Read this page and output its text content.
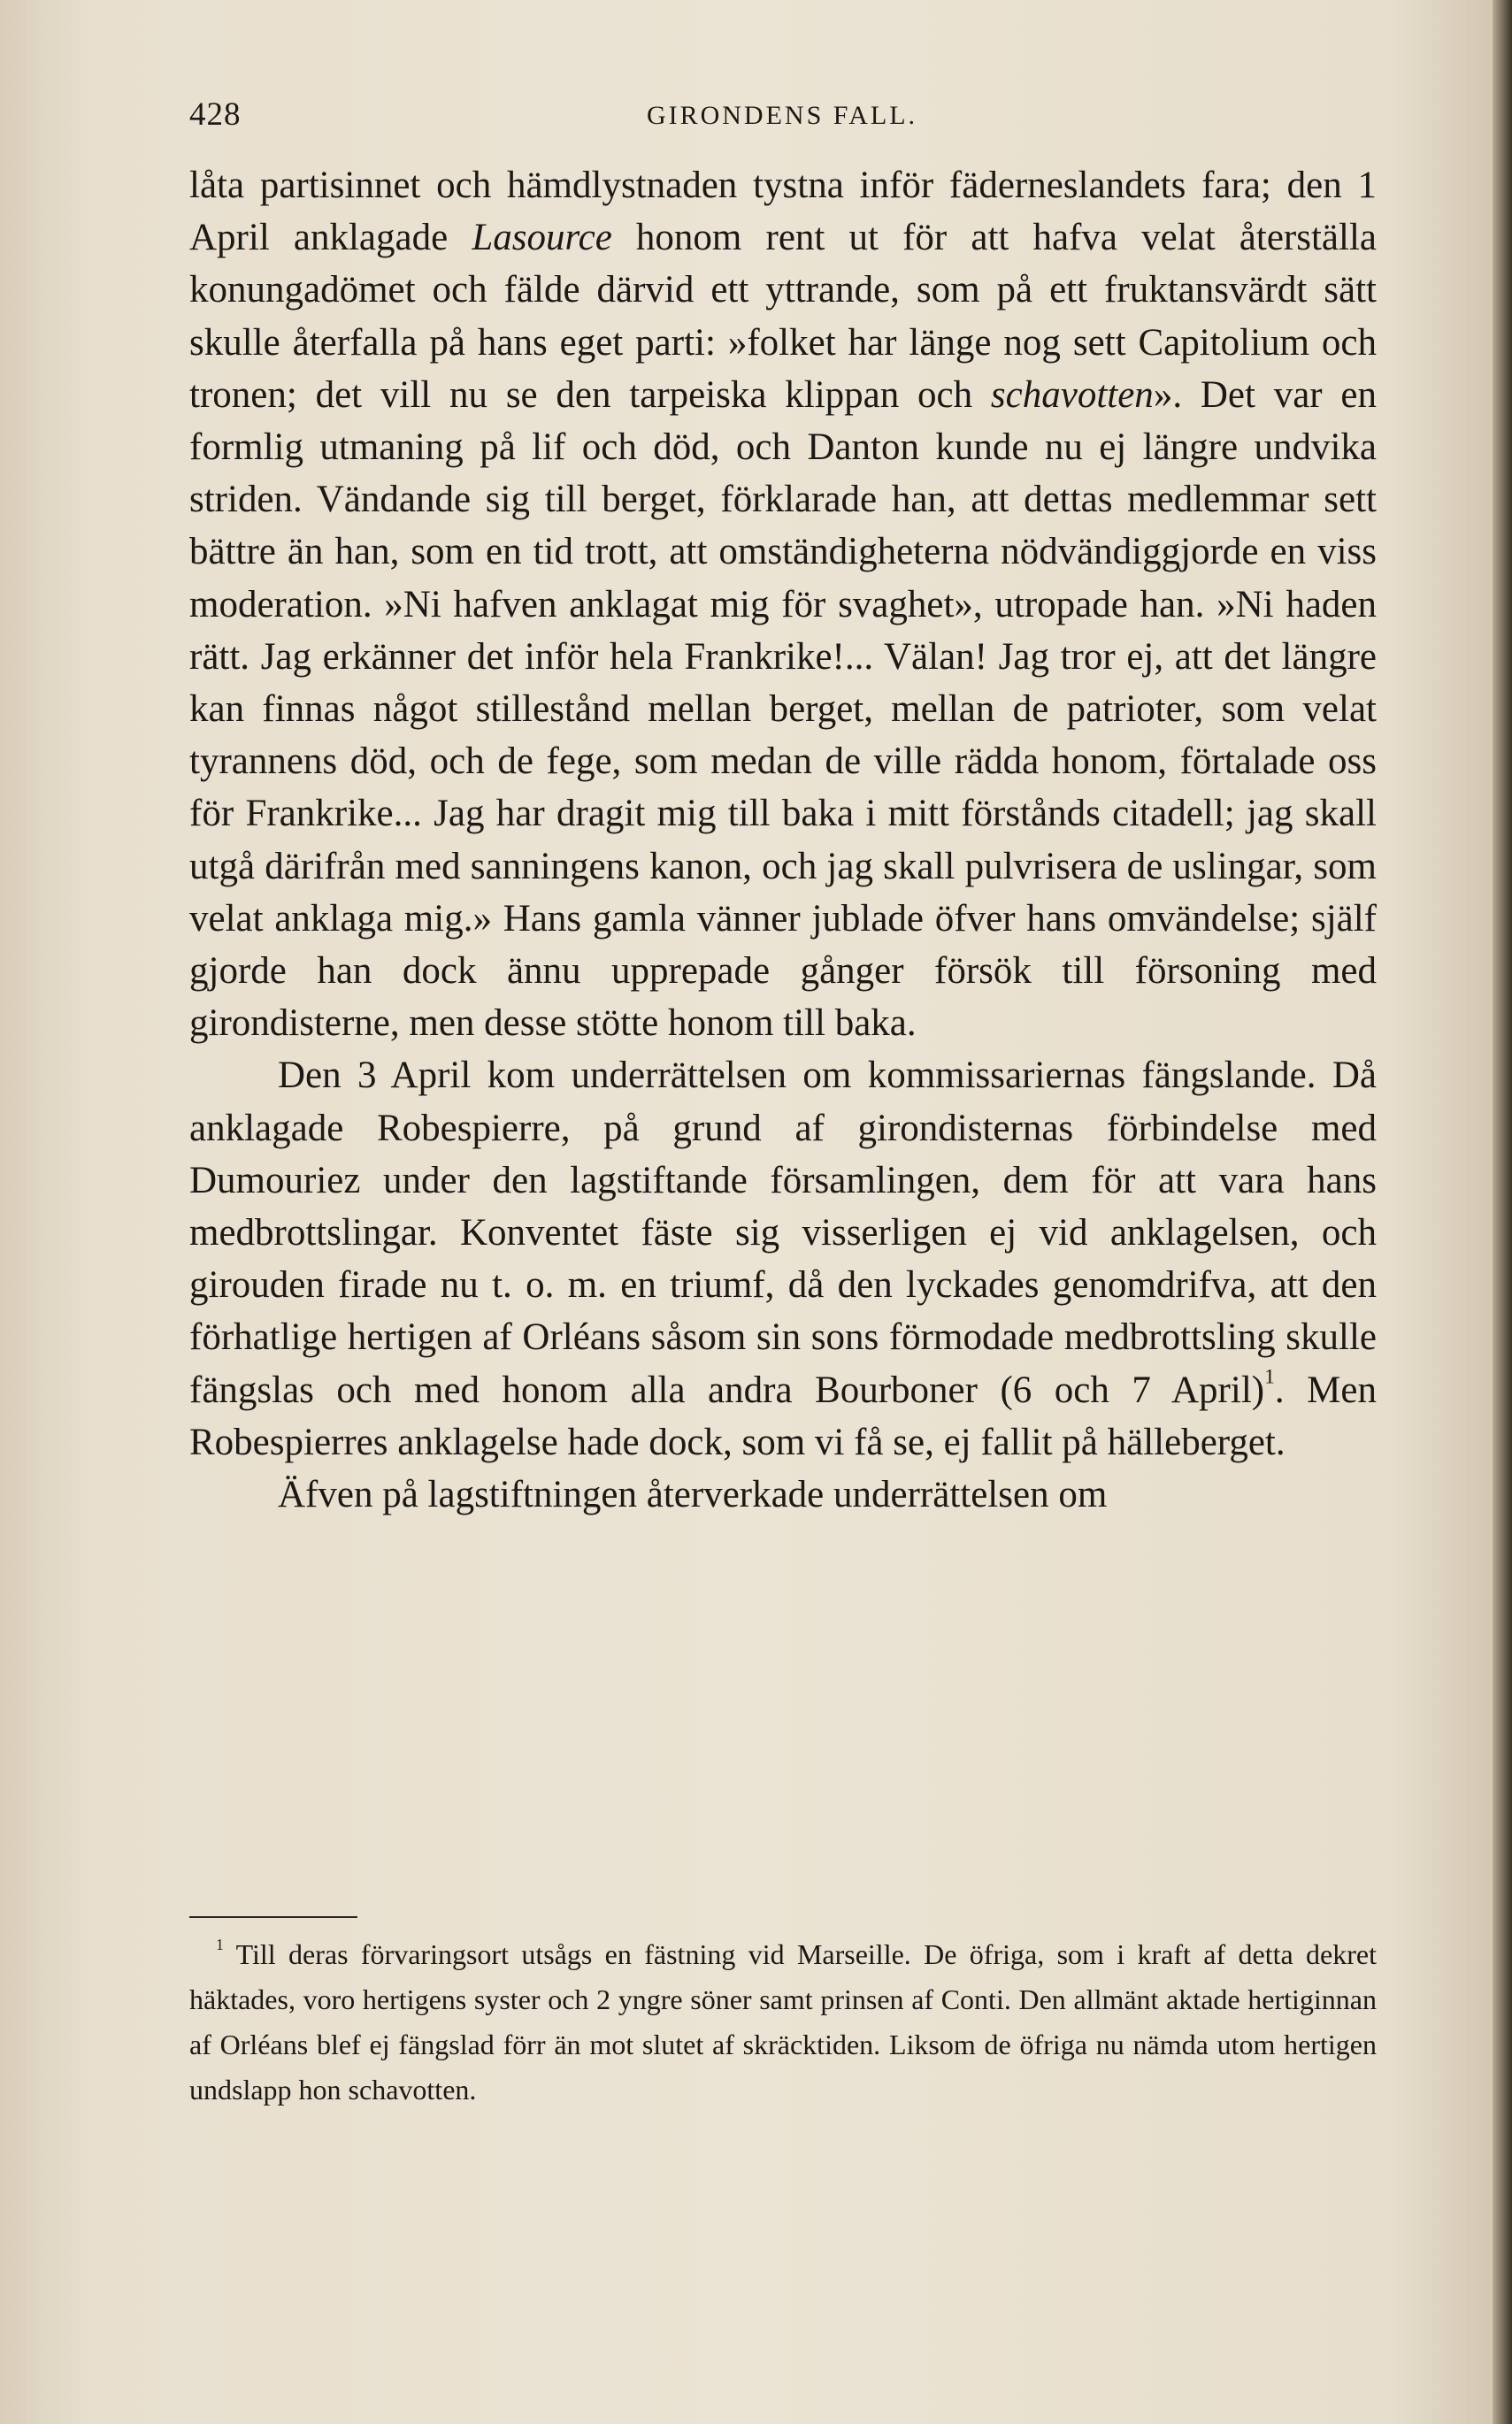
428	GIRONDENS FALL.

låta partisinnet och hämdlystnaden tystna inför fäderneslandets fara; den 1 April anklagade Lasource honom rent ut för att hafva velat återställa konungadömet och fälde därvid ett yttrande, som på ett fruktansvärdt sätt skulle återfalla på hans eget parti: »folket har länge nog sett Capitolium och tronen; det vill nu se den tarpeiska klippan och schavotten». Det var en formlig utmaning på lif och död, och Danton kunde nu ej längre undvika striden. Vändande sig till berget, förklarade han, att dettas medlemmar sett bättre än han, som en tid trott, att omständigheterna nödvändiggjorde en viss moderation. »Ni hafven anklagat mig för svaghet», utropade han. »Ni haden rätt. Jag erkänner det inför hela Frankrike!... Välan! Jag tror ej, att det längre kan finnas något stillestånd mellan berget, mellan de patrioter, som velat tyrannens död, och de fege, som medan de ville rädda honom, förtalade oss för Frankrike... Jag har dragit mig till baka i mitt förstånds citadell; jag skall utgå därifrån med sanningens kanon, och jag skall pulvrisera de uslingar, som velat anklaga mig.» Hans gamla vänner jublade öfver hans omvändelse; själf gjorde han dock ännu upprepade gånger försök till försoning med girondisterne, men desse stötte honom till baka.

Den 3 April kom underrättelsen om kommissariernas fängslande. Då anklagade Robespierre, på grund af girondisternas förbindelse med Dumouriez under den lagstiftande församlingen, dem för att vara hans medbrottslingar. Konventet fäste sig visserligen ej vid anklagelsen, och girouden firade nu t. o. m. en triumf, då den lyckades genomdrifva, att den förhatlige hertigen af Orléans såsom sin sons förmodade medbrottsling skulle fängslas och med honom alla andra Bourboner (6 och 7 April)$^1$. Men Robespierres anklagelse hade dock, som vi få se, ej fallit på hälleberget.

Äfven på lagstiftningen återverkade underrättelsen om

$^1$ Till deras förvaringsort utsågs en fästning vid Marseille. De öfriga, som i kraft af detta dekret häktades, voro hertigens syster och 2 yngre söner samt prinsen af Conti. Den allmänt aktade hertiginnan af Orléans blef ej fängslad förr än mot slutet af skräcktiden. Liksom de öfriga nu nämda utom hertigen undslapp hon schavotten.
